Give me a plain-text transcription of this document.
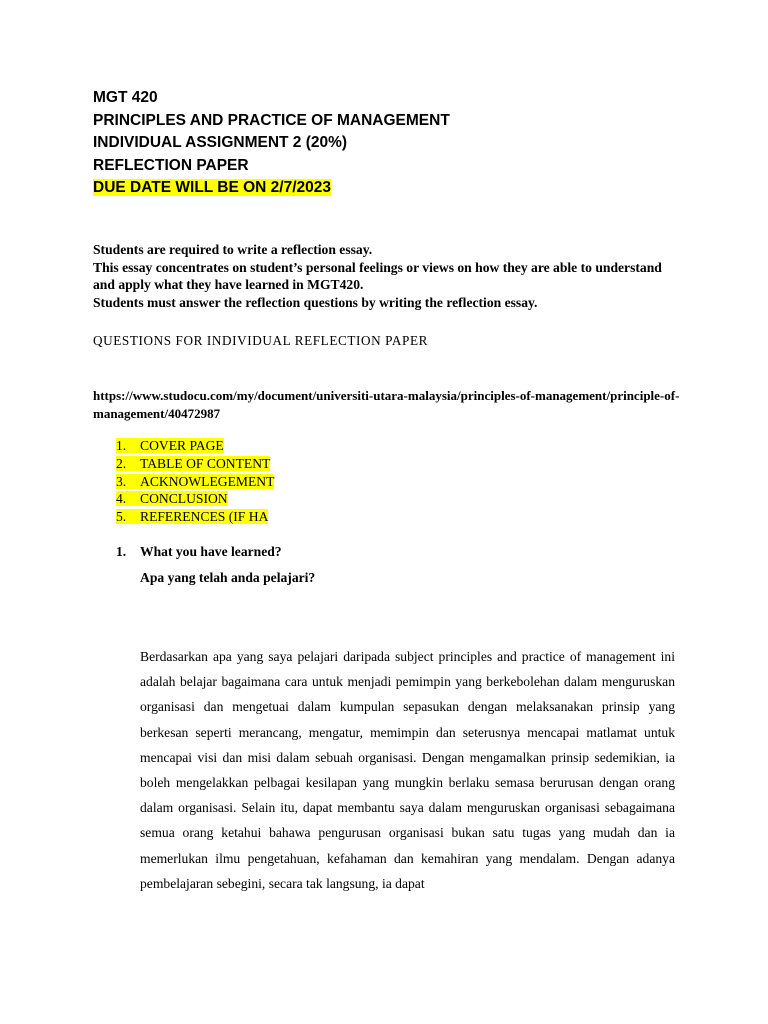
MGT 420
PRINCIPLES AND PRACTICE OF MANAGEMENT
INDIVIDUAL ASSIGNMENT 2 (20%)
REFLECTION PAPER
DUE DATE WILL BE ON 2/7/2023

Students are required to write a reflection essay.

This essay concentrates on student’s personal feelings or views on how they are able to understand and apply what they have learned in MGT420.

Students must answer the reflection questions by writing the reflection essay.

QUESTIONS FOR INDIVIDUAL REFLECTION PAPER
https://www.studocu.com/my/document/universiti-utara-malaysia/principles-of-management/principle-of-management/40472987
1. COVER PAGE
2. TABLE OF CONTENT
3. ACKNOWLEGEMENT
4. CONCLUSION
5. REFERENCES (IF HA
1. What you have learned?
Apa yang telah anda pelajari?

Berdasarkan apa yang saya pelajari daripada subject principles and practice of management ini adalah belajar bagaimana cara untuk menjadi pemimpin yang berkebolehan dalam menguruskan organisasi dan mengetuai dalam kumpulan sepasukan dengan melaksanakan prinsip yang berkesan seperti merancang, mengatur, memimpin dan seterusnya mencapai matlamat untuk mencapai visi dan misi dalam sebuah organisasi. Dengan mengamalkan prinsip sedemikian, ia boleh mengelakkan pelbagai kesilapan yang mungkin berlaku semasa berurusan dengan orang dalam organisasi. Selain itu, dapat membantu saya dalam menguruskan organisasi sebagaimana semua orang ketahui bahawa pengurusan organisasi bukan satu tugas yang mudah dan ia memerlukan ilmu pengetahuan, kefahaman dan kemahiran yang mendalam. Dengan adanya pembelajaran sebegini, secara tak langsung, ia dapat
